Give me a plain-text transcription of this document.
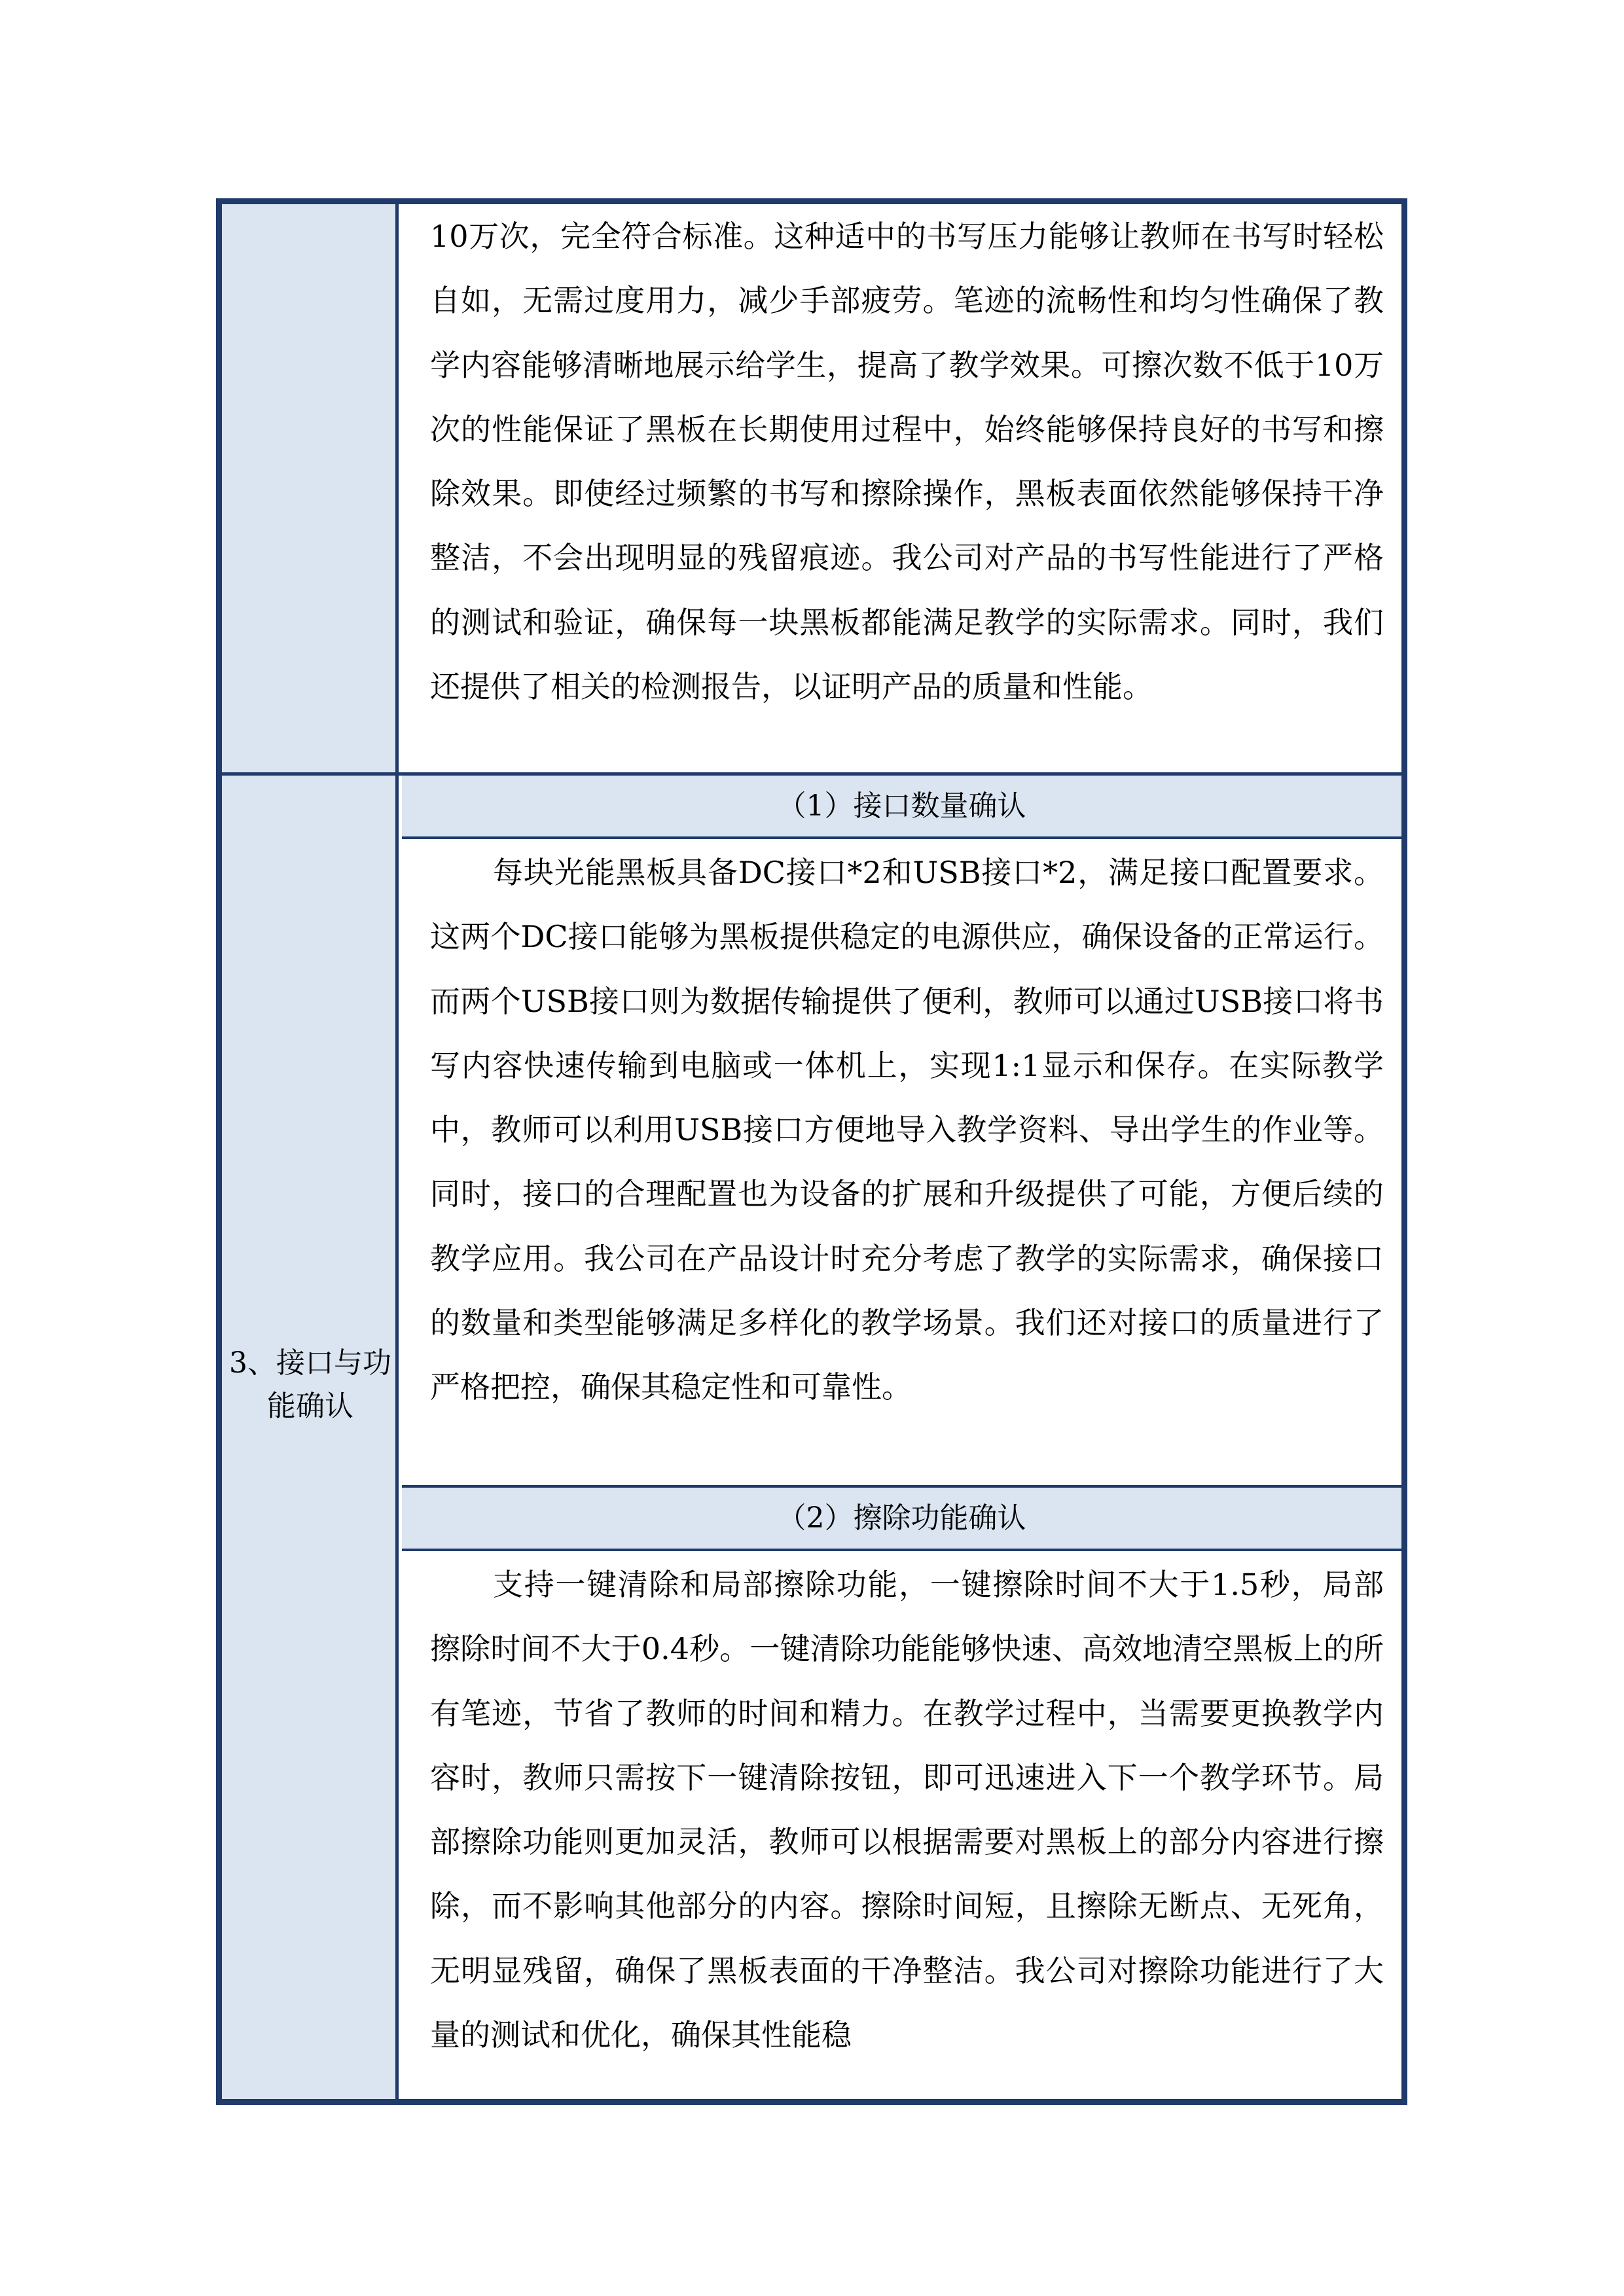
10万次，完全符合标准。这种适中的书写压力能够让教师在书写时轻松自如，无需过度用力，减少手部疲劳。笔迹的流畅性和均匀性确保了教学内容能够清晰地展示给学生，提高了教学效果。可擦次数不低于10万次的性能保证了黑板在长期使用过程中，始终能够保持良好的书写和擦除效果。即使经过频繁的书写和擦除操作，黑板表面依然能够保持干净整洁，不会出现明显的残留痕迹。我公司对产品的书写性能进行了严格的测试和验证，确保每一块黑板都能满足教学的实际需求。同时，我们还提供了相关的检测报告，以证明产品的质量和性能。

3、接口与功能确认
（1）接口数量确认

每块光能黑板具备DC接口*2和USB接口*2，满足接口配置要求。这两个DC接口能够为黑板提供稳定的电源供应，确保设备的正常运行。而两个USB接口则为数据传输提供了便利，教师可以通过USB接口将书写内容快速传输到电脑或一体机上，实现1:1显示和保存。在实际教学中，教师可以利用USB接口方便地导入教学资料、导出学生的作业等。同时，接口的合理配置也为设备的扩展和升级提供了可能，方便后续的教学应用。我公司在产品设计时充分考虑了教学的实际需求，确保接口的数量和类型能够满足多样化的教学场景。我们还对接口的质量进行了严格把控，确保其稳定性和可靠性。

（2）擦除功能确认

支持一键清除和局部擦除功能，一键擦除时间不大于1.5秒，局部擦除时间不大于0.4秒。一键清除功能能够快速、高效地清空黑板上的所有笔迹，节省了教师的时间和精力。在教学过程中，当需要更换教学内容时，教师只需按下一键清除按钮，即可迅速进入下一个教学环节。局部擦除功能则更加灵活，教师可以根据需要对黑板上的部分内容进行擦除，而不影响其他部分的内容。擦除时间短，且擦除无断点、无死角，无明显残留，确保了黑板表面的干净整洁。我公司对擦除功能进行了大量的测试和优化，确保其性能稳
